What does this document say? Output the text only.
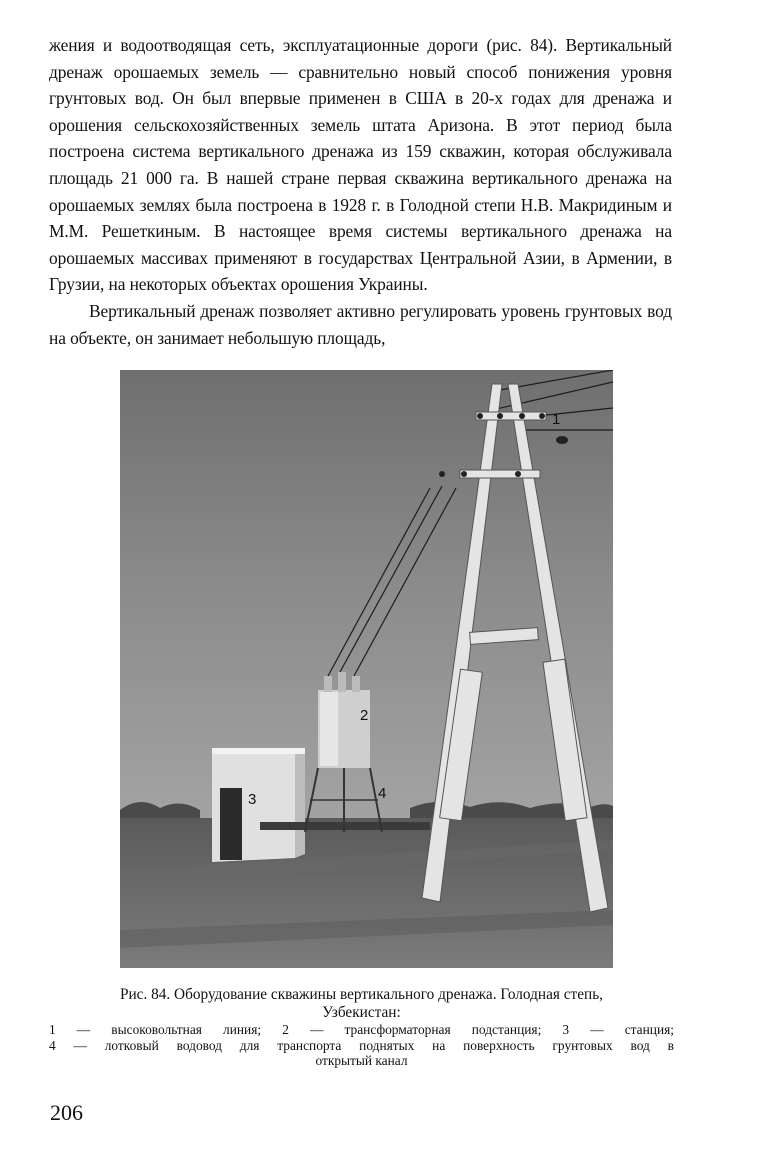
жения и водоотводящая сеть, эксплуатационные дороги (рис. 84). Вертикальный дренаж орошаемых земель — сравнительно новый способ понижения уровня грунтовых вод. Он был впервые применен в США в 20-х годах для дренажа и орошения сельскохозяйственных земель штата Аризона. В этот период была построена система вертикального дренажа из 159 скважин, которая обслуживала площадь 21 000 га. В нашей стране первая скважина вертикального дренажа на орошаемых землях была построена в 1928 г. в Голодной степи Н.В. Макридиным и М.М. Решеткиным. В настоящее время системы вертикального дренажа на орошаемых массивах применяют в государствах Центральной Азии, в Армении, в Грузии, на некоторых объектах орошения Украины.

Вертикальный дренаж позволяет активно регулировать уровень грунтовых вод на объекте, он занимает небольшую площадь,

1
2
3	4
Рис. 84. Оборудование скважины вертикального дренажа. Голодная степь,
Узбекистан:
1 — высоковольтная линия; 2 — трансформаторная подстанция; 3 — станция;
4 — лотковый водовод для транспорта поднятых на поверхность грунтовых вод в
открытый канал
206
